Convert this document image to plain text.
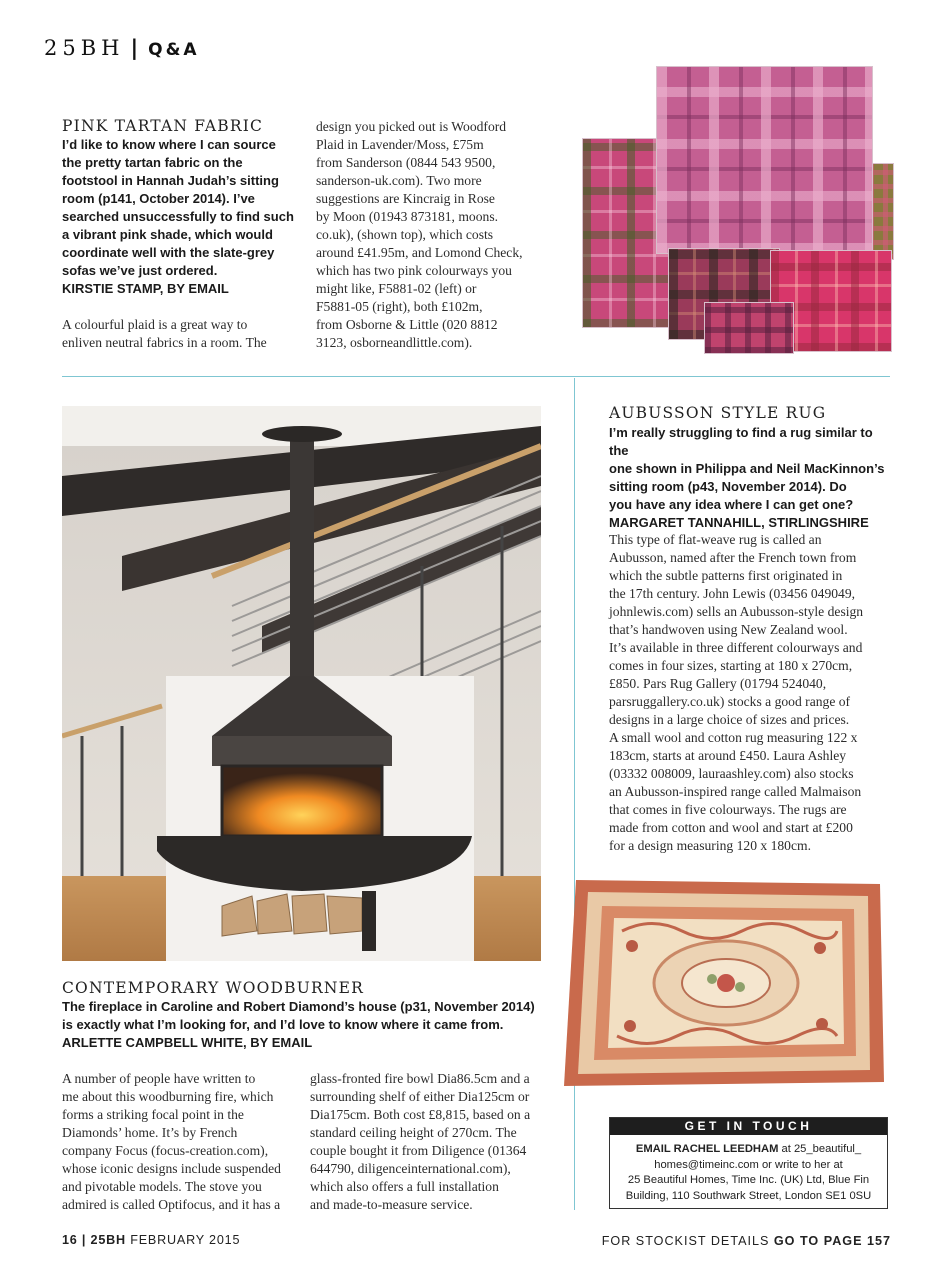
25BH | Q&A
PINK TARTAN FABRIC

I’d like to know where I can source

the pretty tartan fabric on the

footstool in Hannah Judah’s sitting

room (p141, October 2014). I’ve

searched unsuccessfully to find such

a vibrant pink shade, which would

coordinate well with the slate-grey

sofas we’ve just ordered.

KIRSTIE STAMP, BY EMAIL

A colourful plaid is a great way to

enliven neutral fabrics in a room. The

design you picked out is Woodford

Plaid in Lavender/Moss, £75m

from Sanderson (0844 543 9500,

sanderson-uk.com). Two more

suggestions are Kincraig in Rose

by Moon (01943 873181, moons.

co.uk), (shown top), which costs

around £41.95m, and Lomond Check,

which has two pink colourways you

might like, F5881-02 (left) or

F5881-05 (right), both £102m,

from Osborne & Little (020 8812

3123, osborneandlittle.com).

AUBUSSON STYLE RUG

I’m really struggling to find a rug similar to the

one shown in Philippa and Neil MacKinnon’s

sitting room (p43, November 2014). Do

you have any idea where I can get one?

MARGARET TANNAHILL, STIRLINGSHIRE

This type of flat-weave rug is called an

Aubusson, named after the French town from

which the subtle patterns first originated in

the 17th century. John Lewis (03456 049049,

johnlewis.com) sells an Aubusson-style design

that’s handwoven using New Zealand wool.

It’s available in three different colourways and

comes in four sizes, starting at 180 x 270cm,

£850. Pars Rug Gallery (01794 524040,

parsruggallery.co.uk) stocks a good range of

designs in a large choice of sizes and prices.

A small wool and cotton rug measuring 122 x

183cm, starts at around £450. Laura Ashley

(03332 008009, lauraashley.com) also stocks

an Aubusson-inspired range called Malmaison

that comes in five colourways. The rugs are

made from cotton and wool and start at £200

for a design measuring 120 x 180cm.

CONTEMPORARY WOODBURNER

The fireplace in Caroline and Robert Diamond’s house (p31, November 2014)

is exactly what I’m looking for, and I’d love to know where it came from.

ARLETTE CAMPBELL WHITE, BY EMAIL

A number of people have written to

me about this woodburning fire, which

forms a striking focal point in the

Diamonds’ home. It’s by French

company Focus (focus-creation.com),

whose iconic designs include suspended

and pivotable models. The stove you

admired is called Optifocus, and it has a

glass-fronted fire bowl Dia86.5cm and a

surrounding shelf of either Dia125cm or

Dia175cm. Both cost £8,815, based on a

standard ceiling height of 270cm. The

couple bought it from Diligence (01364

644790, diligenceinternational.com),

which also offers a full installation

and made-to-measure service.

GET IN TOUCH
EMAIL RACHEL LEEDHAM at 25_beautiful_
homes@timeinc.com or write to her at
25 Beautiful Homes, Time Inc. (UK) Ltd, Blue Fin
Building, 110 Southwark Street, London SE1 0SU
16 | 25BH FEBRUARY 2015	FOR STOCKIST DETAILS GO TO PAGE 157
